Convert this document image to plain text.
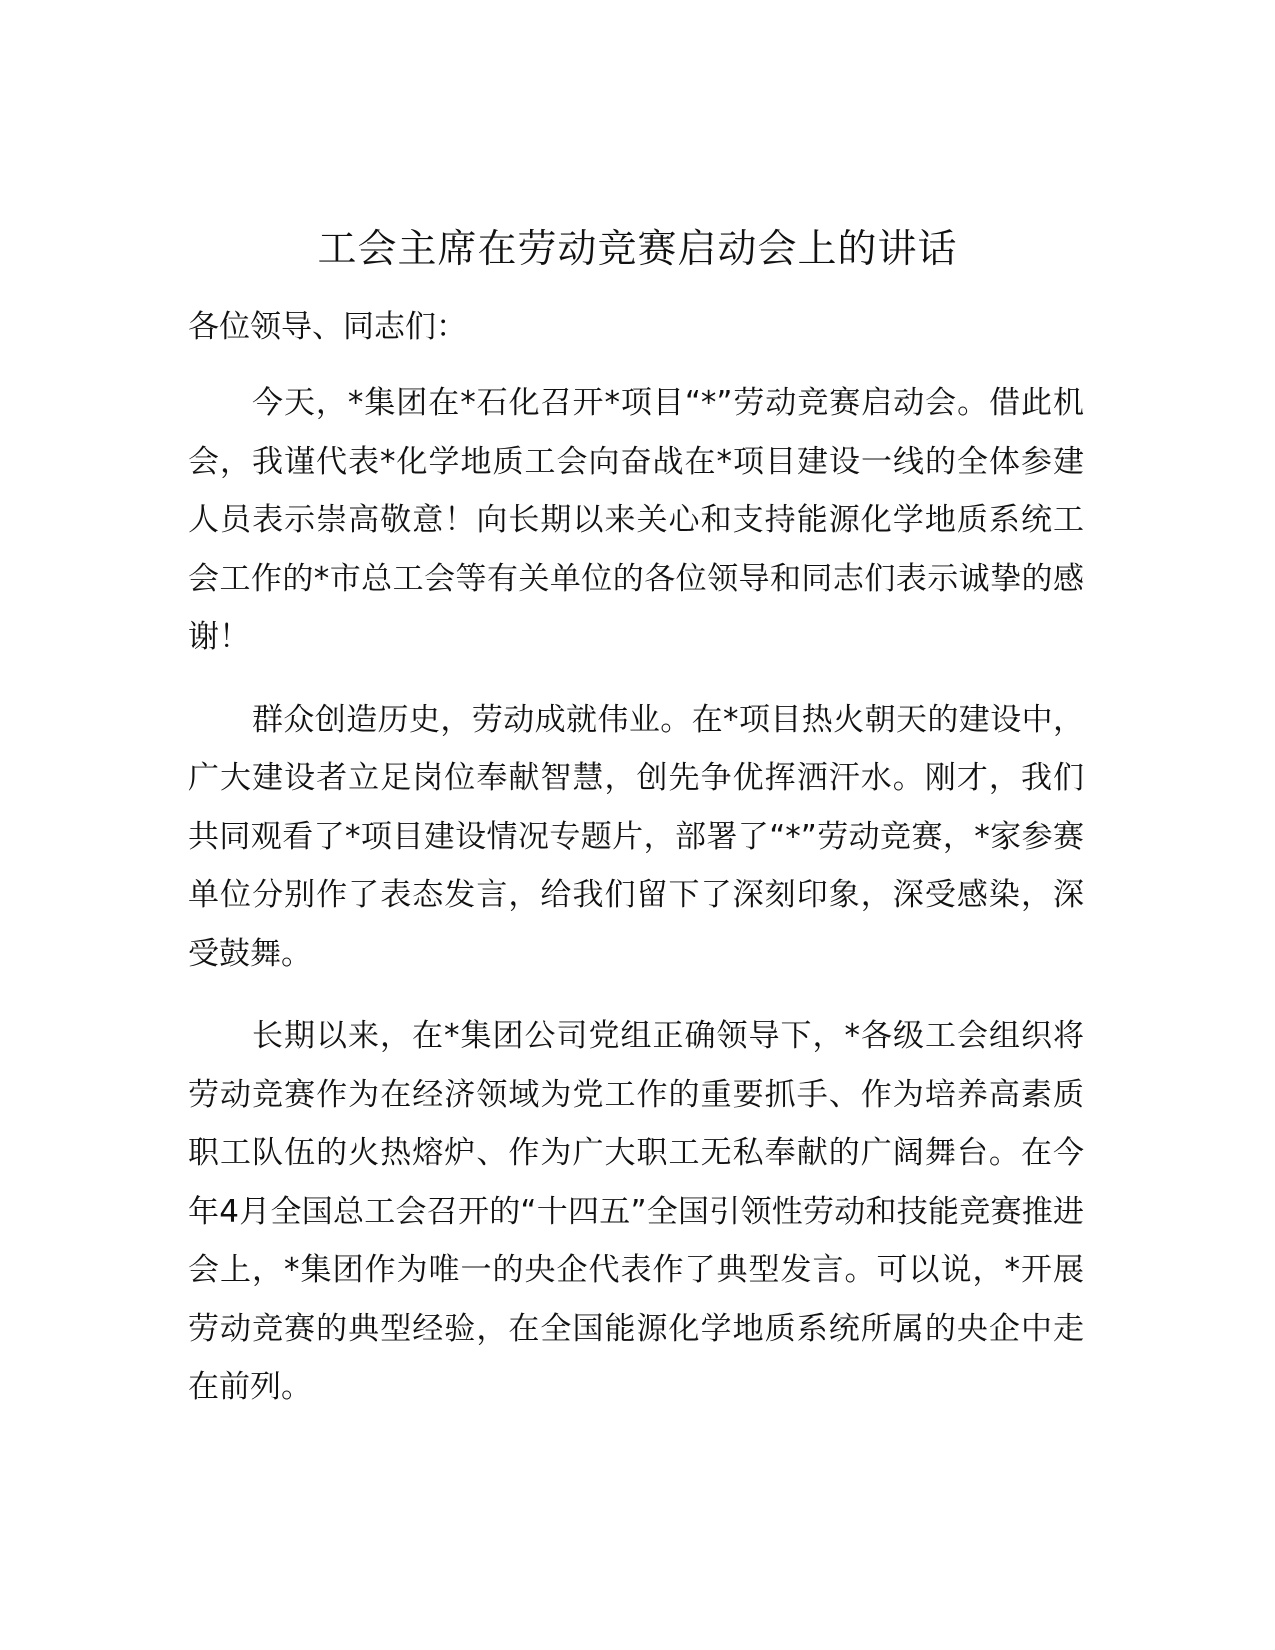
工会主席在劳动竞赛启动会上的讲话

各位领导、同志们：

今天，*集团在*石化召开*项目“*”劳动竞赛启动会。借此机会，我谨代表*化学地质工会向奋战在*项目建设一线的全体参建人员表示崇高敬意！向长期以来关心和支持能源化学地质系统工会工作的*市总工会等有关单位的各位领导和同志们表示诚挚的感谢！

群众创造历史，劳动成就伟业。在*项目热火朝天的建设中，广大建设者立足岗位奉献智慧，创先争优挥洒汗水。刚才，我们共同观看了*项目建设情况专题片，部署了“*”劳动竞赛，*家参赛单位分别作了表态发言，给我们留下了深刻印象，深受感染，深受鼓舞。

长期以来，在*集团公司党组正确领导下，*各级工会组织将劳动竞赛作为在经济领域为党工作的重要抓手、作为培养高素质职工队伍的火热熔炉、作为广大职工无私奉献的广阔舞台。在今年4月全国总工会召开的“十四五”全国引领性劳动和技能竞赛推进会上，*集团作为唯一的央企代表作了典型发言。可以说，*开展劳动竞赛的典型经验，在全国能源化学地质系统所属的央企中走在前列。
